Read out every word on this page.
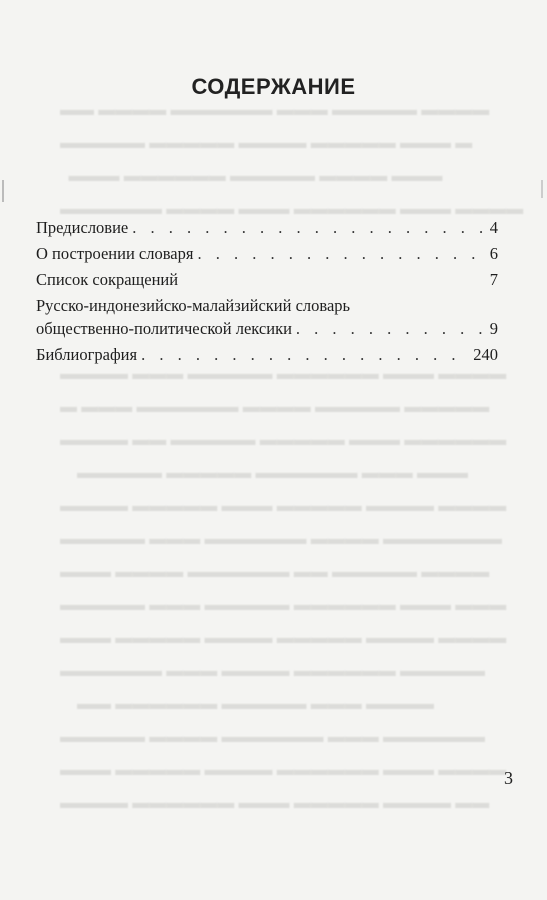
▬▬ ▬▬▬▬ ▬▬▬▬▬▬ ▬▬▬ ▬▬▬▬▬ ▬▬▬▬
▬▬▬▬▬ ▬▬▬▬▬ ▬▬▬▬ ▬▬▬▬▬ ▬▬▬ ▬
▬▬▬ ▬▬▬▬▬▬ ▬▬▬▬▬ ▬▬▬▬ ▬▬▬
▬▬▬▬▬▬ ▬▬▬▬ ▬▬▬ ▬▬▬▬▬▬ ▬▬▬ ▬▬▬▬

▬▬▬▬ ▬▬▬ ▬▬▬▬▬ ▬▬▬▬▬▬ ▬▬▬ ▬▬▬▬
▬ ▬▬▬ ▬▬▬▬▬▬ ▬▬▬▬ ▬▬▬▬▬ ▬▬▬▬▬
▬▬▬▬ ▬▬ ▬▬▬▬▬ ▬▬▬▬▬ ▬▬▬ ▬▬▬▬▬▬
▬▬▬▬▬ ▬▬▬▬▬ ▬▬▬▬▬▬ ▬▬▬ ▬▬▬
▬▬▬▬ ▬▬▬▬▬ ▬▬▬ ▬▬▬▬▬ ▬▬▬▬ ▬▬▬▬
▬▬▬▬▬ ▬▬▬ ▬▬▬▬▬▬ ▬▬▬▬ ▬▬▬▬▬▬▬
▬▬▬ ▬▬▬▬ ▬▬▬▬▬▬ ▬▬ ▬▬▬▬▬ ▬▬▬▬
▬▬▬▬▬ ▬▬▬ ▬▬▬▬▬ ▬▬▬▬▬▬ ▬▬▬ ▬▬▬
▬▬▬ ▬▬▬▬▬ ▬▬▬▬ ▬▬▬▬▬ ▬▬▬▬ ▬▬▬▬
▬▬▬▬▬▬ ▬▬▬ ▬▬▬▬ ▬▬▬▬▬▬ ▬▬▬▬▬
▬▬ ▬▬▬▬▬▬ ▬▬▬▬▬ ▬▬▬ ▬▬▬▬
▬▬▬▬▬ ▬▬▬▬ ▬▬▬▬▬▬ ▬▬▬ ▬▬▬▬▬▬
▬▬▬ ▬▬▬▬▬ ▬▬▬▬ ▬▬▬▬▬▬ ▬▬▬ ▬▬▬▬
▬▬▬▬ ▬▬▬▬▬▬ ▬▬▬ ▬▬▬▬▬ ▬▬▬▬ ▬▬
СОДЕРЖАНИЕ
Предисловие . . .	4
О построении словаря . . .	6
Список сокращений	7
Русско-индонезийско-малайзийский словарь
общественно-политической лексики . . .	9
Библиография . . .	240
3
